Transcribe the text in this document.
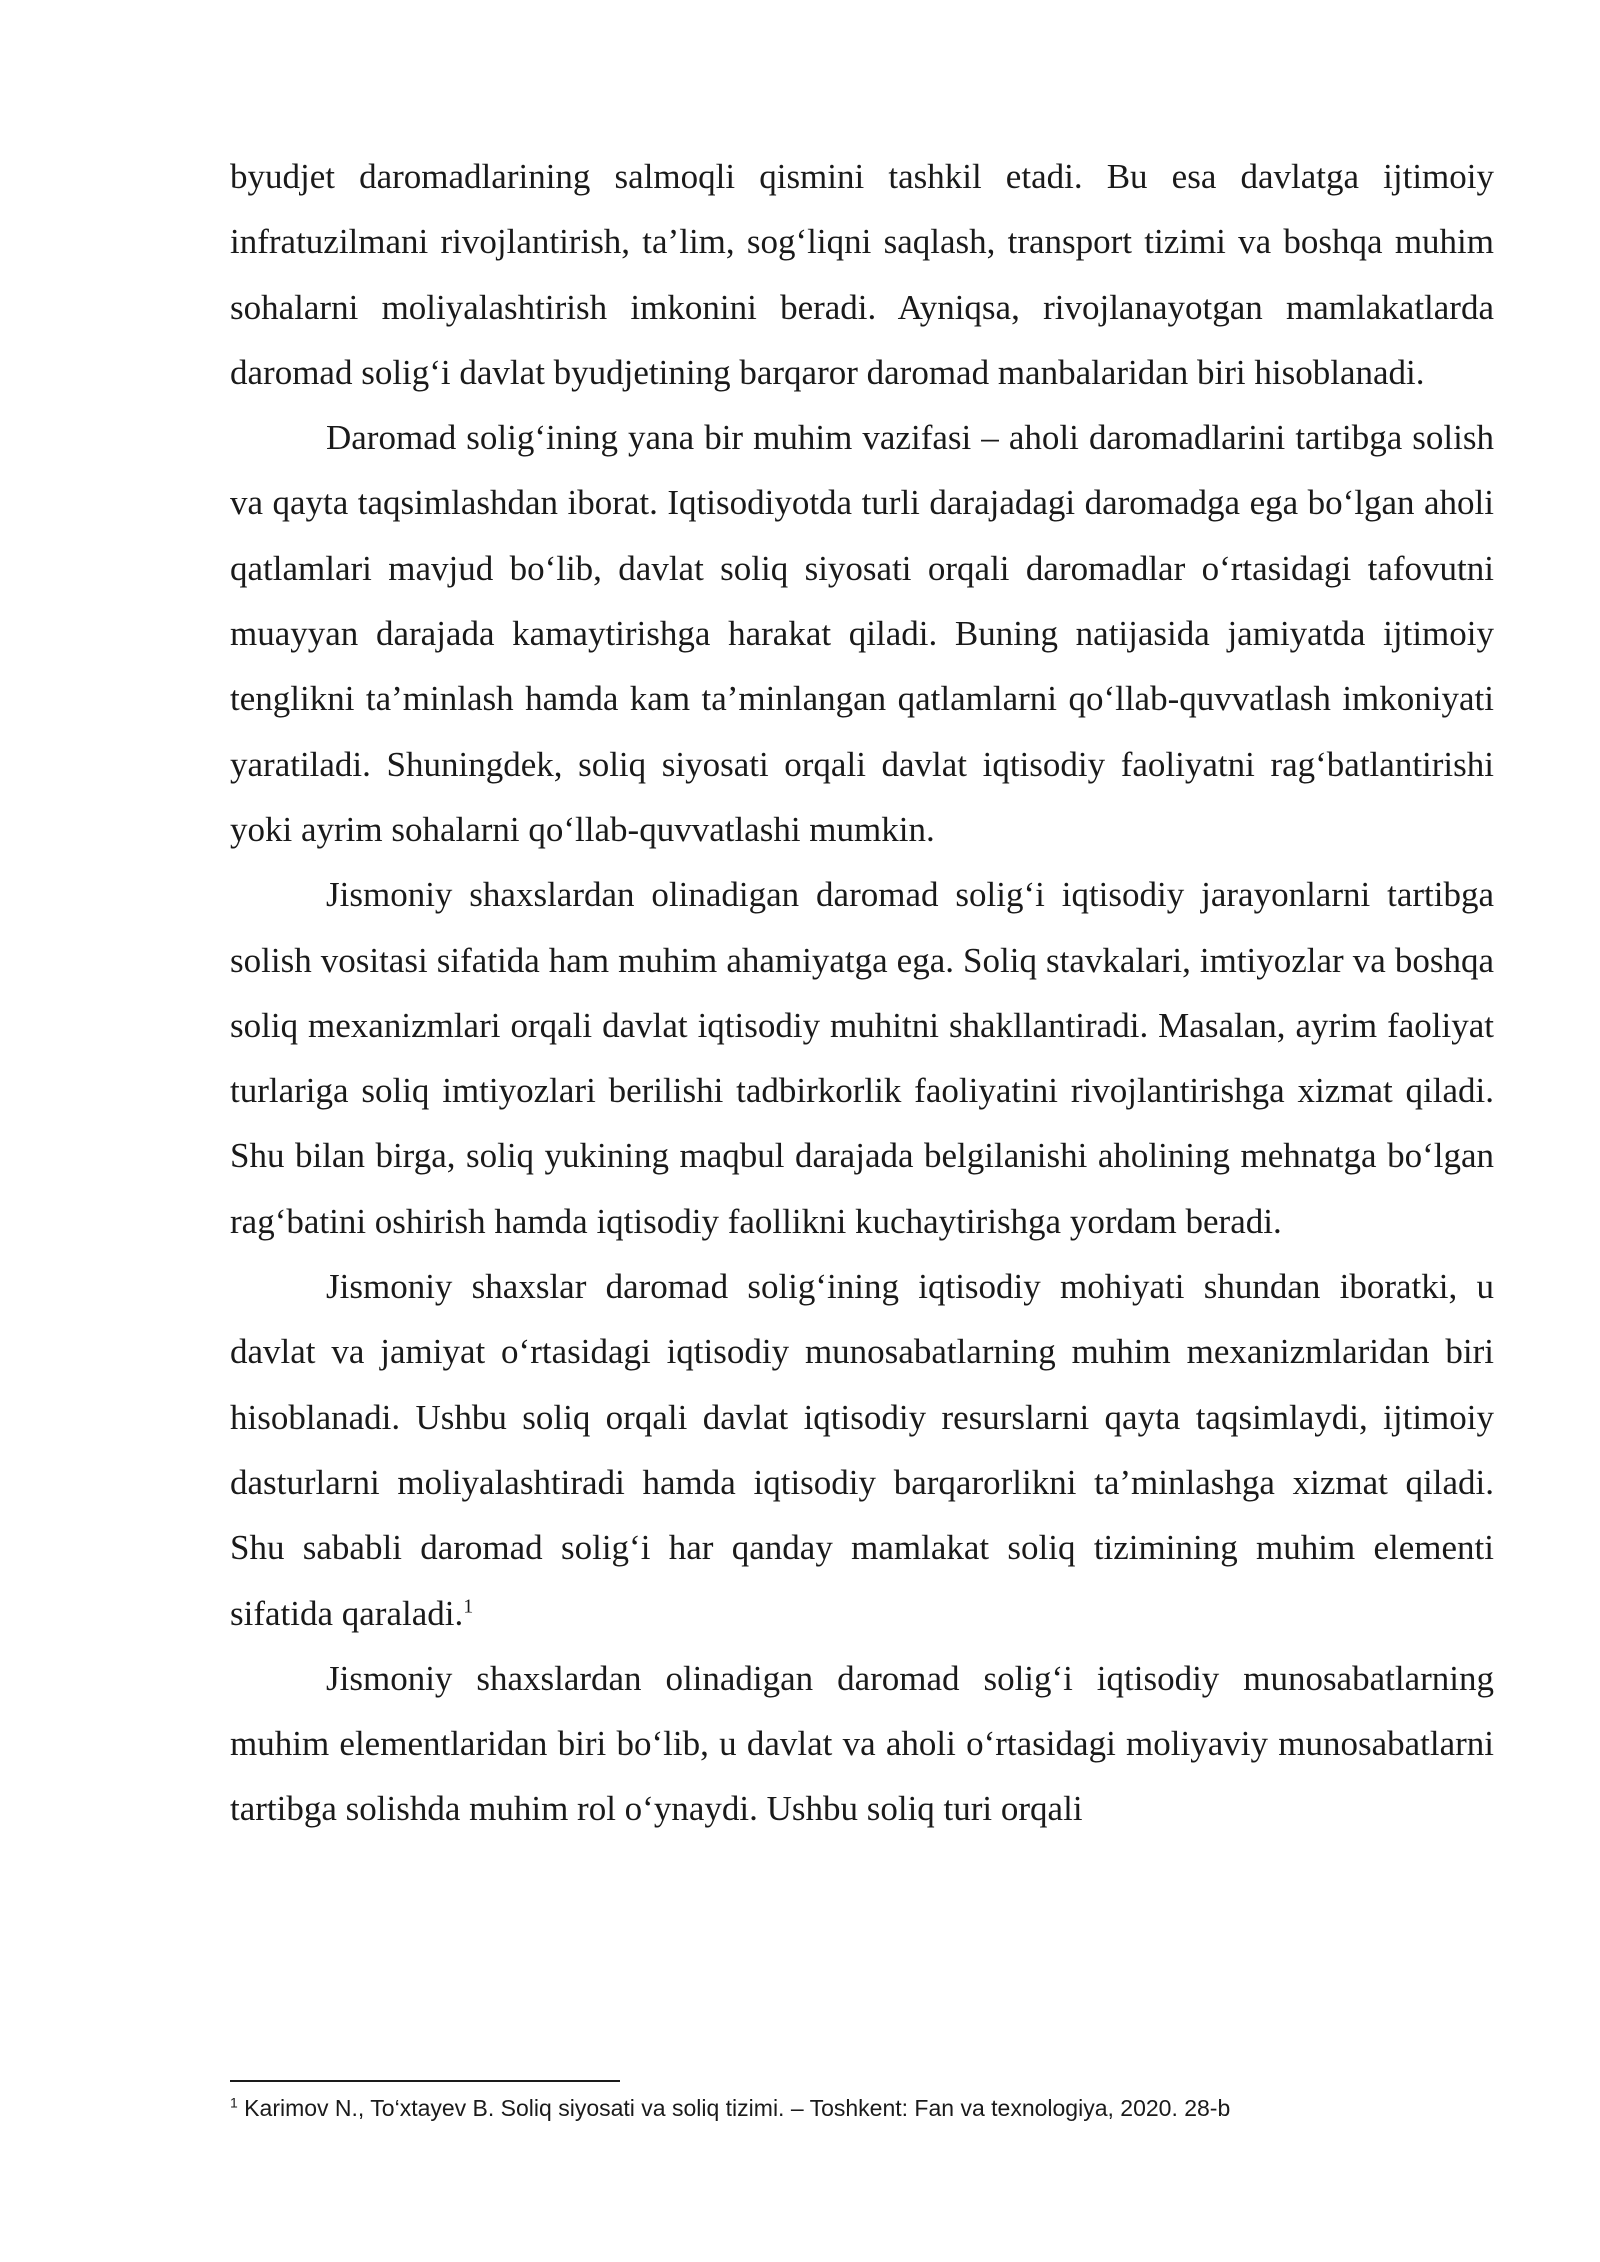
byudjet daromadlarining salmoqli qismini tashkil etadi. Bu esa davlatga ijtimoiy infratuzilmani rivojlantirish, ta’lim, sog‘liqni saqlash, transport tizimi va boshqa muhim sohalarni moliyalashtirish imkonini beradi. Ayniqsa, rivojlanayotgan mamlakatlarda daromad solig‘i davlat byudjetining barqaror daromad manbalaridan biri hisoblanadi.

Daromad solig‘ining yana bir muhim vazifasi – aholi daromadlarini tartibga solish va qayta taqsimlashdan iborat. Iqtisodiyotda turli darajadagi daromadga ega bo‘lgan aholi qatlamlari mavjud bo‘lib, davlat soliq siyosati orqali daromadlar o‘rtasidagi tafovutni muayyan darajada kamaytirishga harakat qiladi. Buning natijasida jamiyatda ijtimoiy tenglikni ta’minlash hamda kam ta’minlangan qatlamlarni qo‘llab-quvvatlash imkoniyati yaratiladi. Shuningdek, soliq siyosati orqali davlat iqtisodiy faoliyatni rag‘batlantirishi yoki ayrim sohalarni qo‘llab-quvvatlashi mumkin.

Jismoniy shaxslardan olinadigan daromad solig‘i iqtisodiy jarayonlarni tartibga solish vositasi sifatida ham muhim ahamiyatga ega. Soliq stavkalari, imtiyozlar va boshqa soliq mexanizmlari orqali davlat iqtisodiy muhitni shakllantiradi. Masalan, ayrim faoliyat turlariga soliq imtiyozlari berilishi tadbirkorlik faoliyatini rivojlantirishga xizmat qiladi. Shu bilan birga, soliq yukining maqbul darajada belgilanishi aholining mehnatga bo‘lgan rag‘batini oshirish hamda iqtisodiy faollikni kuchaytirishga yordam beradi.

Jismoniy shaxslar daromad solig‘ining iqtisodiy mohiyati shundan iboratki, u davlat va jamiyat o‘rtasidagi iqtisodiy munosabatlarning muhim mexanizmlaridan biri hisoblanadi. Ushbu soliq orqali davlat iqtisodiy resurslarni qayta taqsimlaydi, ijtimoiy dasturlarni moliyalashtiradi hamda iqtisodiy barqarorlikni ta’minlashga xizmat qiladi. Shu sababli daromad solig‘i har qanday mamlakat soliq tizimining muhim elementi sifatida qaraladi.$^1$

Jismoniy shaxslardan olinadigan daromad solig‘i iqtisodiy munosabatlarning muhim elementlaridan biri bo‘lib, u davlat va aholi o‘rtasidagi moliyaviy munosabatlarni tartibga solishda muhim rol o‘ynaydi. Ushbu soliq turi orqali

$^1$ Karimov N., To‘xtayev B. Soliq siyosati va soliq tizimi. – Toshkent: Fan va texnologiya, 2020. 28-b
